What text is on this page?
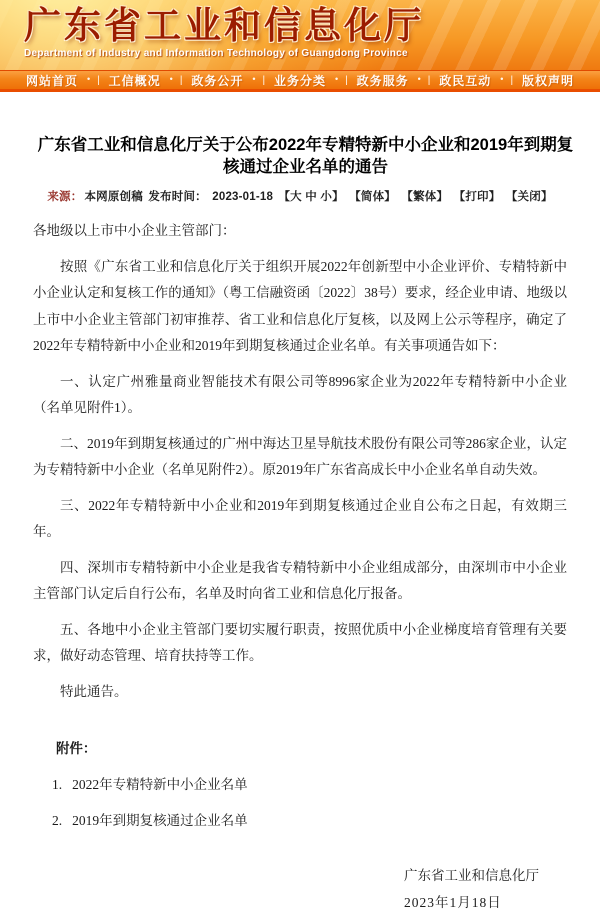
广东省工业和信息化厅
Department of Industry and Information Technology of Guangdong Province
网站首页 • | 工信概况 • | 政务公开 • | 业务分类 • | 政务服务 • | 政民互动 • | 版权声明
广东省工业和信息化厅关于公布2022年专精特新中小企业和2019年到期复核通过企业名单的通告
来源： 本网原创稿 发布时间： 2023-01-18 【大 中 小】 【简体】 【繁体】 【打印】 【关闭】

各地级以上市中小企业主管部门：

按照《广东省工业和信息化厅关于组织开展2022年创新型中小企业评价、专精特新中小企业认定和复核工作的通知》（粤工信融资函〔2022〕38号）要求，经企业申请、地级以上市中小企业主管部门初审推荐、省工业和信息化厅复核，以及网上公示等程序，确定了2022年专精特新中小企业和2019年到期复核通过企业名单。有关事项通告如下：

一、认定广州雅量商业智能技术有限公司等8996家企业为2022年专精特新中小企业（名单见附件1）。

二、2019年到期复核通过的广州中海达卫星导航技术股份有限公司等286家企业，认定为专精特新中小企业（名单见附件2）。原2019年广东省高成长中小企业名单自动失效。

三、2022年专精特新中小企业和2019年到期复核通过企业自公布之日起，有效期三年。

四、深圳市专精特新中小企业是我省专精特新中小企业组成部分，由深圳市中小企业主管部门认定后自行公布，名单及时向省工业和信息化厅报备。

五、各地中小企业主管部门要切实履行职责，按照优质中小企业梯度培育管理有关要求，做好动态管理、培育扶持等工作。

特此通告。

附件：
1. 2022年专精特新中小企业名单
2. 2019年到期复核通过企业名单
广东省工业和信息化厅
2023年1月18日
